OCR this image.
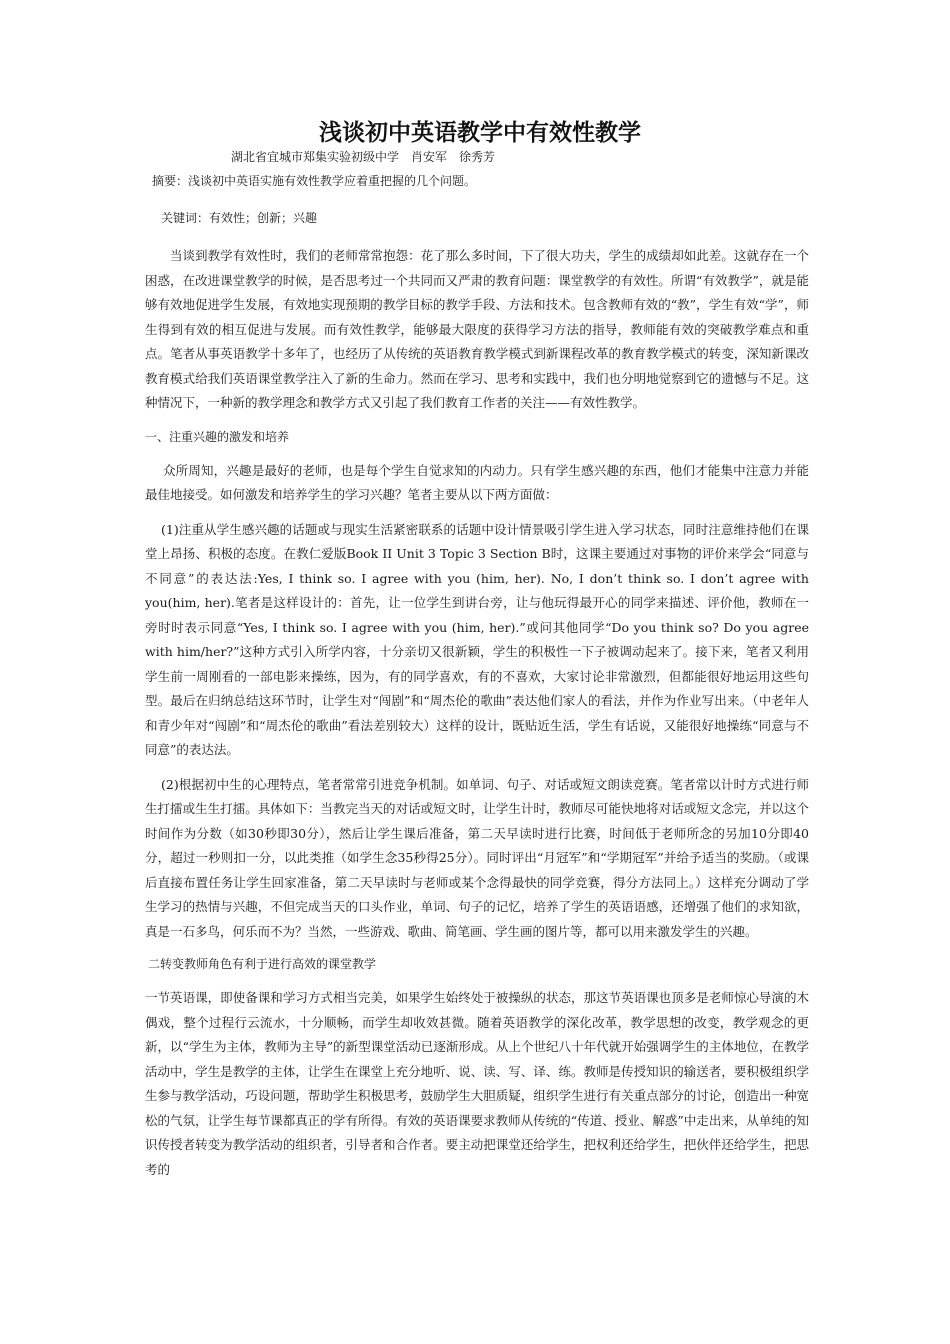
浅谈初中英语教学中有效性教学

湖北省宜城市郑集实验初级中学　肖安军　徐秀芳

摘要：浅谈初中英语实施有效性教学应着重把握的几个问题。

关键词：有效性；创新；兴趣

当谈到教学有效性时，我们的老师常常抱怨：花了那么多时间，下了很大功夫，学生的成绩却如此差。这就存在一个困惑，在改进课堂教学的时候，是否思考过一个共同而又严肃的教育问题：课堂教学的有效性。所谓“有效教学”，就是能够有效地促进学生发展，有效地实现预期的教学目标的教学手段、方法和技术。包含教师有效的“教”，学生有效“学”，师生得到有效的相互促进与发展。而有效性教学，能够最大限度的获得学习方法的指导，教师能有效的突破教学难点和重点。笔者从事英语教学十多年了，也经历了从传统的英语教育教学模式到新课程改革的教育教学模式的转变，深知新课改教育模式给我们英语课堂教学注入了新的生命力。然而在学习、思考和实践中，我们也分明地觉察到它的遗憾与不足。这种情况下，一种新的教学理念和教学方式又引起了我们教育工作者的关注——有效性教学。

一、注重兴趣的激发和培养

众所周知，兴趣是最好的老师，也是每个学生自觉求知的内动力。只有学生感兴趣的东西，他们才能集中注意力并能最佳地接受。如何激发和培养学生的学习兴趣？笔者主要从以下两方面做：

(1)注重从学生感兴趣的话题或与现实生活紧密联系的话题中设计情景吸引学生进入学习状态，同时注意维持他们在课堂上昂扬、积极的态度。在教仁爱版Book II Unit 3 Topic 3 Section B时，这课主要通过对事物的评价来学会“同意与不同意”的表达法:Yes, I think so. I agree with you (him, her). No, I don’t think so. I don’t agree with you(him, her).笔者是这样设计的：首先，让一位学生到讲台旁，让与他玩得最开心的同学来描述、评价他，教师在一旁时时表示同意“Yes, I think so. I agree with you (him, her).”或问其他同学“Do you think so? Do you agree with him/her?”这种方式引入所学内容，十分亲切又很新颖，学生的积极性一下子被调动起来了。接下来，笔者又利用学生前一周刚看的一部电影来操练，因为，有的同学喜欢，有的不喜欢，大家讨论非常激烈，但都能很好地运用这些句型。最后在归纳总结这环节时，让学生对“闯剧”和“周杰伦的歌曲”表达他们家人的看法，并作为作业写出来。（中老年人和青少年对“闯剧”和“周杰伦的歌曲”看法差别较大）这样的设计，既贴近生活，学生有话说，又能很好地操练“同意与不同意”的表达法。

(2)根据初中生的心理特点，笔者常常引进竞争机制。如单词、句子、对话或短文朗读竞赛。笔者常以计时方式进行师生打擂或生生打擂。具体如下：当教完当天的对话或短文时，让学生计时，教师尽可能快地将对话或短文念完，并以这个时间作为分数（如30秒即30分），然后让学生课后准备，第二天早读时进行比赛，时间低于老师所念的另加10分即40分，超过一秒则扣一分，以此类推（如学生念35秒得25分）。同时评出“月冠军”和“学期冠军”并给予适当的奖励。（或课后直接布置任务让学生回家准备，第二天早读时与老师或某个念得最快的同学竞赛，得分方法同上。）这样充分调动了学生学习的热情与兴趣，不但完成当天的口头作业，单词、句子的记忆，培养了学生的英语语感，还增强了他们的求知欲，真是一石多鸟，何乐而不为？当然，一些游戏、歌曲、简笔画、学生画的图片等，都可以用来激发学生的兴趣。

二转变教师角色有利于进行高效的课堂教学

一节英语课，即使备课和学习方式相当完美，如果学生始终处于被操纵的状态，那这节英语课也顶多是老师惊心导演的木偶戏，整个过程行云流水，十分顺畅，而学生却收效甚微。随着英语教学的深化改革，教学思想的改变，教学观念的更新，以“学生为主体，教师为主导”的新型课堂活动已逐渐形成。从上个世纪八十年代就开始强调学生的主体地位，在教学活动中，学生是教学的主体，让学生在课堂上充分地听、说、读、写、译、练。教师是传授知识的输送者，要积极组织学生参与教学活动，巧设问题，帮助学生积极思考，鼓励学生大胆质疑，组织学生进行有关重点部分的讨论，创造出一种宽松的气氛，让学生每节课都真正的学有所得。有效的英语课要求教师从传统的“传道、授业、解惑”中走出来，从单纯的知识传授者转变为教学活动的组织者，引导者和合作者。要主动把课堂还给学生，把权利还给学生，把伙伴还给学生，把思考的
